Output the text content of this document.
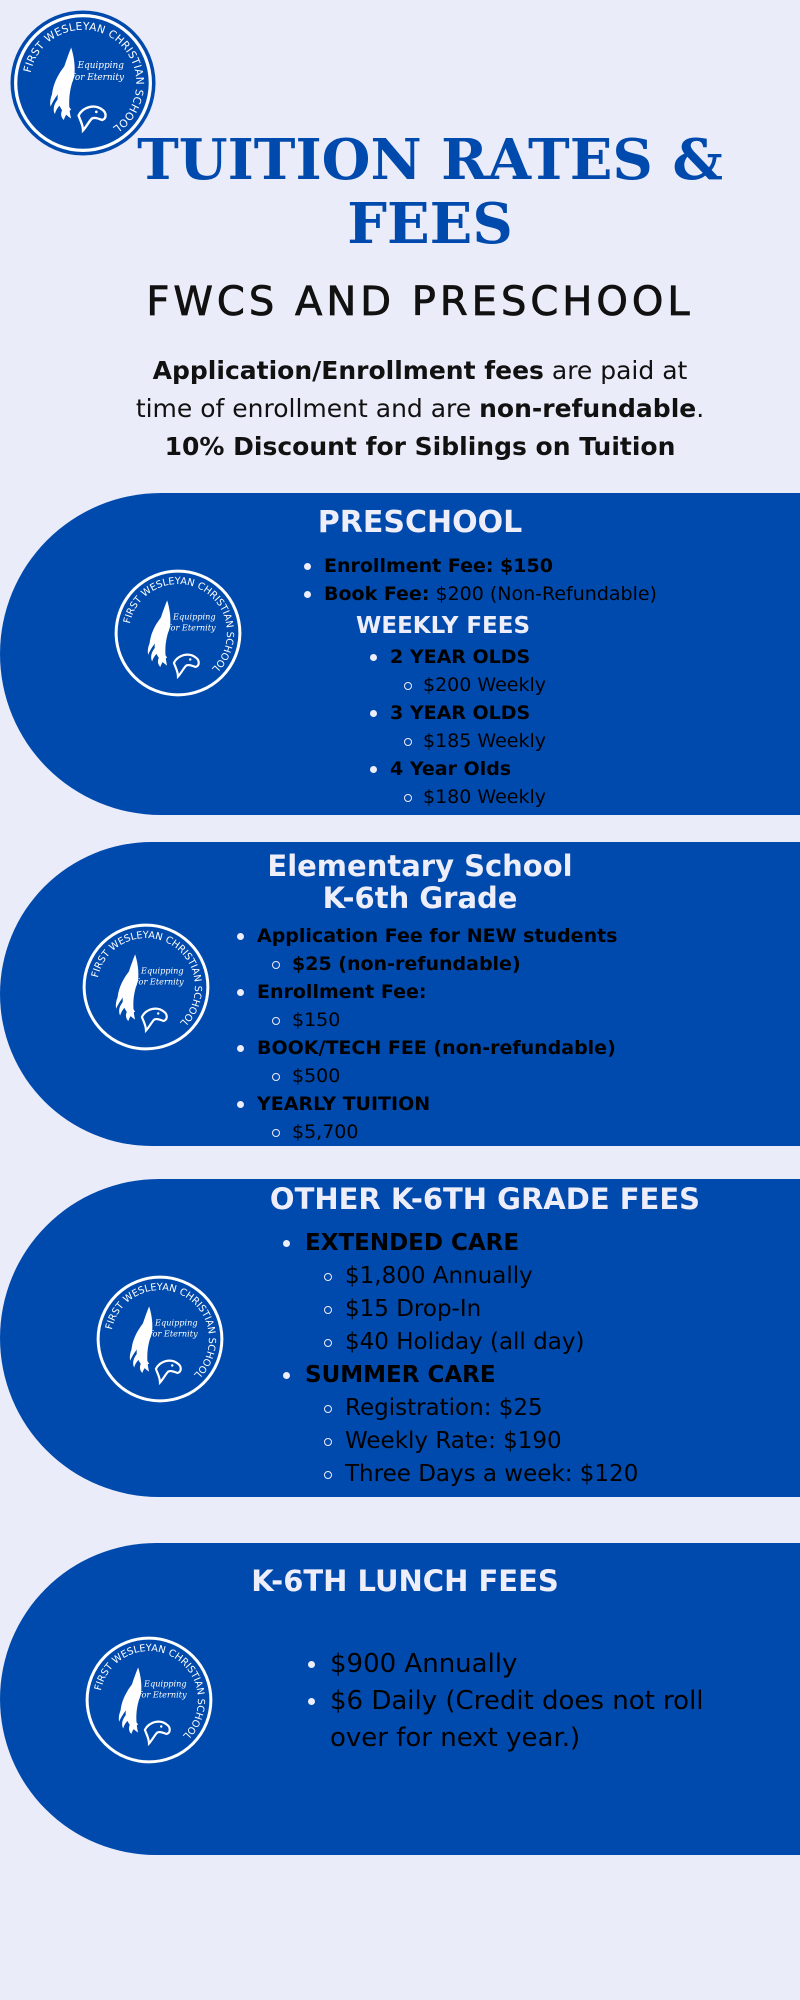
FIRST WESLEYAN CHRISTIAN SCHOOL
Equipping
for Eternity
TUITION RATES &
FEES
FWCS AND PRESCHOOL
Application/Enrollment fees are paid at
time of enrollment and are non-refundable.
10% Discount for Siblings on Tuition
FIRST WESLEYAN CHRISTIAN SCHOOL
Equipping
for Eternity
PRESCHOOL
Enrollment Fee: $150
Book Fee: $200 (Non-Refundable)
WEEKLY FEES
2 YEAR OLDS
$200 Weekly
3 YEAR OLDS
$185 Weekly
4 Year Olds
$180 Weekly
FIRST WESLEYAN CHRISTIAN SCHOOL
Equipping
for Eternity
Elementary School
K-6th Grade
Application Fee for NEW students
$25 (non-refundable)
Enrollment Fee:
$150
BOOK/TECH FEE (non-refundable)
$500
YEARLY TUITION
$5,700
FIRST WESLEYAN CHRISTIAN SCHOOL
Equipping
for Eternity
OTHER K-6TH GRADE FEES
EXTENDED CARE
$1,800 Annually
$15 Drop-In
$40 Holiday (all day)
SUMMER CARE
Registration: $25
Weekly Rate: $190
Three Days a week: $120
FIRST WESLEYAN CHRISTIAN SCHOOL
Equipping
for Eternity
K-6TH LUNCH FEES
$900 Annually
$6 Daily (Credit does not roll over for next year.)
